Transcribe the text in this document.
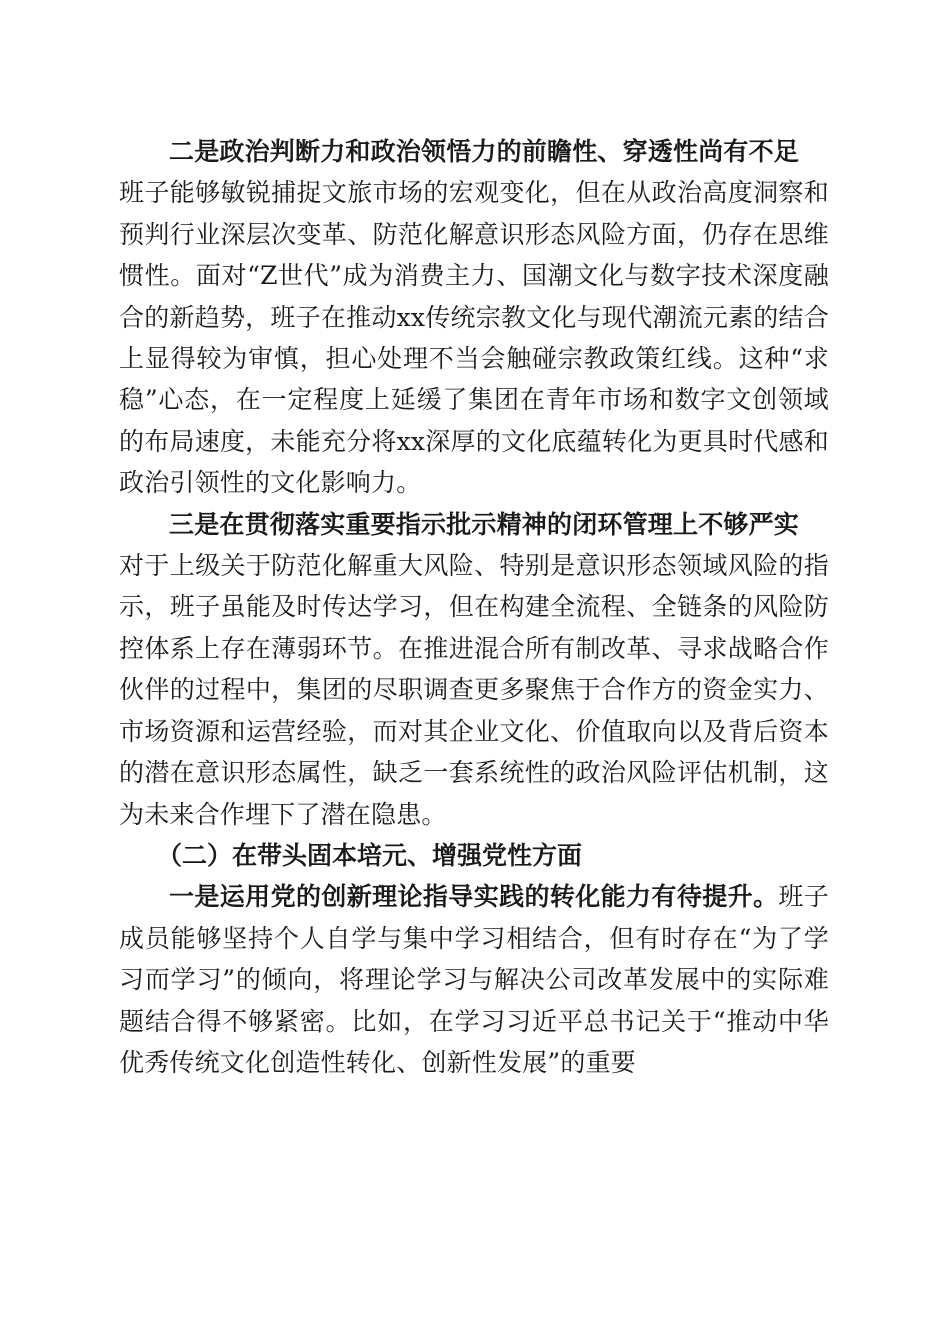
二是政治判断力和政治领悟力的前瞻性、穿透性尚有不足
班子能够敏锐捕捉文旅市场的宏观变化，但在从政治高度洞察和预判行业深层次变革、防范化解意识形态风险方面，仍存在思维惯性。面对“Z世代”成为消费主力、国潮文化与数字技术深度融合的新趋势，班子在推动xx传统宗教文化与现代潮流元素的结合上显得较为审慎，担心处理不当会触碰宗教政策红线。这种“求稳”心态，在一定程度上延缓了集团在青年市场和数字文创领域的布局速度，未能充分将xx深厚的文化底蕴转化为更具时代感和政治引领性的文化影响力。

三是在贯彻落实重要指示批示精神的闭环管理上不够严实
对于上级关于防范化解重大风险、特别是意识形态领域风险的指示，班子虽能及时传达学习，但在构建全流程、全链条的风险防控体系上存在薄弱环节。在推进混合所有制改革、寻求战略合作伙伴的过程中，集团的尽职调查更多聚焦于合作方的资金实力、市场资源和运营经验，而对其企业文化、价值取向以及背后资本的潜在意识形态属性，缺乏一套系统性的政治风险评估机制，这为未来合作埋下了潜在隐患。

（二）在带头固本培元、增强党性方面

一是运用党的创新理论指导实践的转化能力有待提升。班子成员能够坚持个人自学与集中学习相结合，但有时存在“为了学习而学习”的倾向，将理论学习与解决公司改革发展中的实际难题结合得不够紧密。比如，在学习习近平总书记关于“推动中华优秀传统文化创造性转化、创新性发展”的重要
